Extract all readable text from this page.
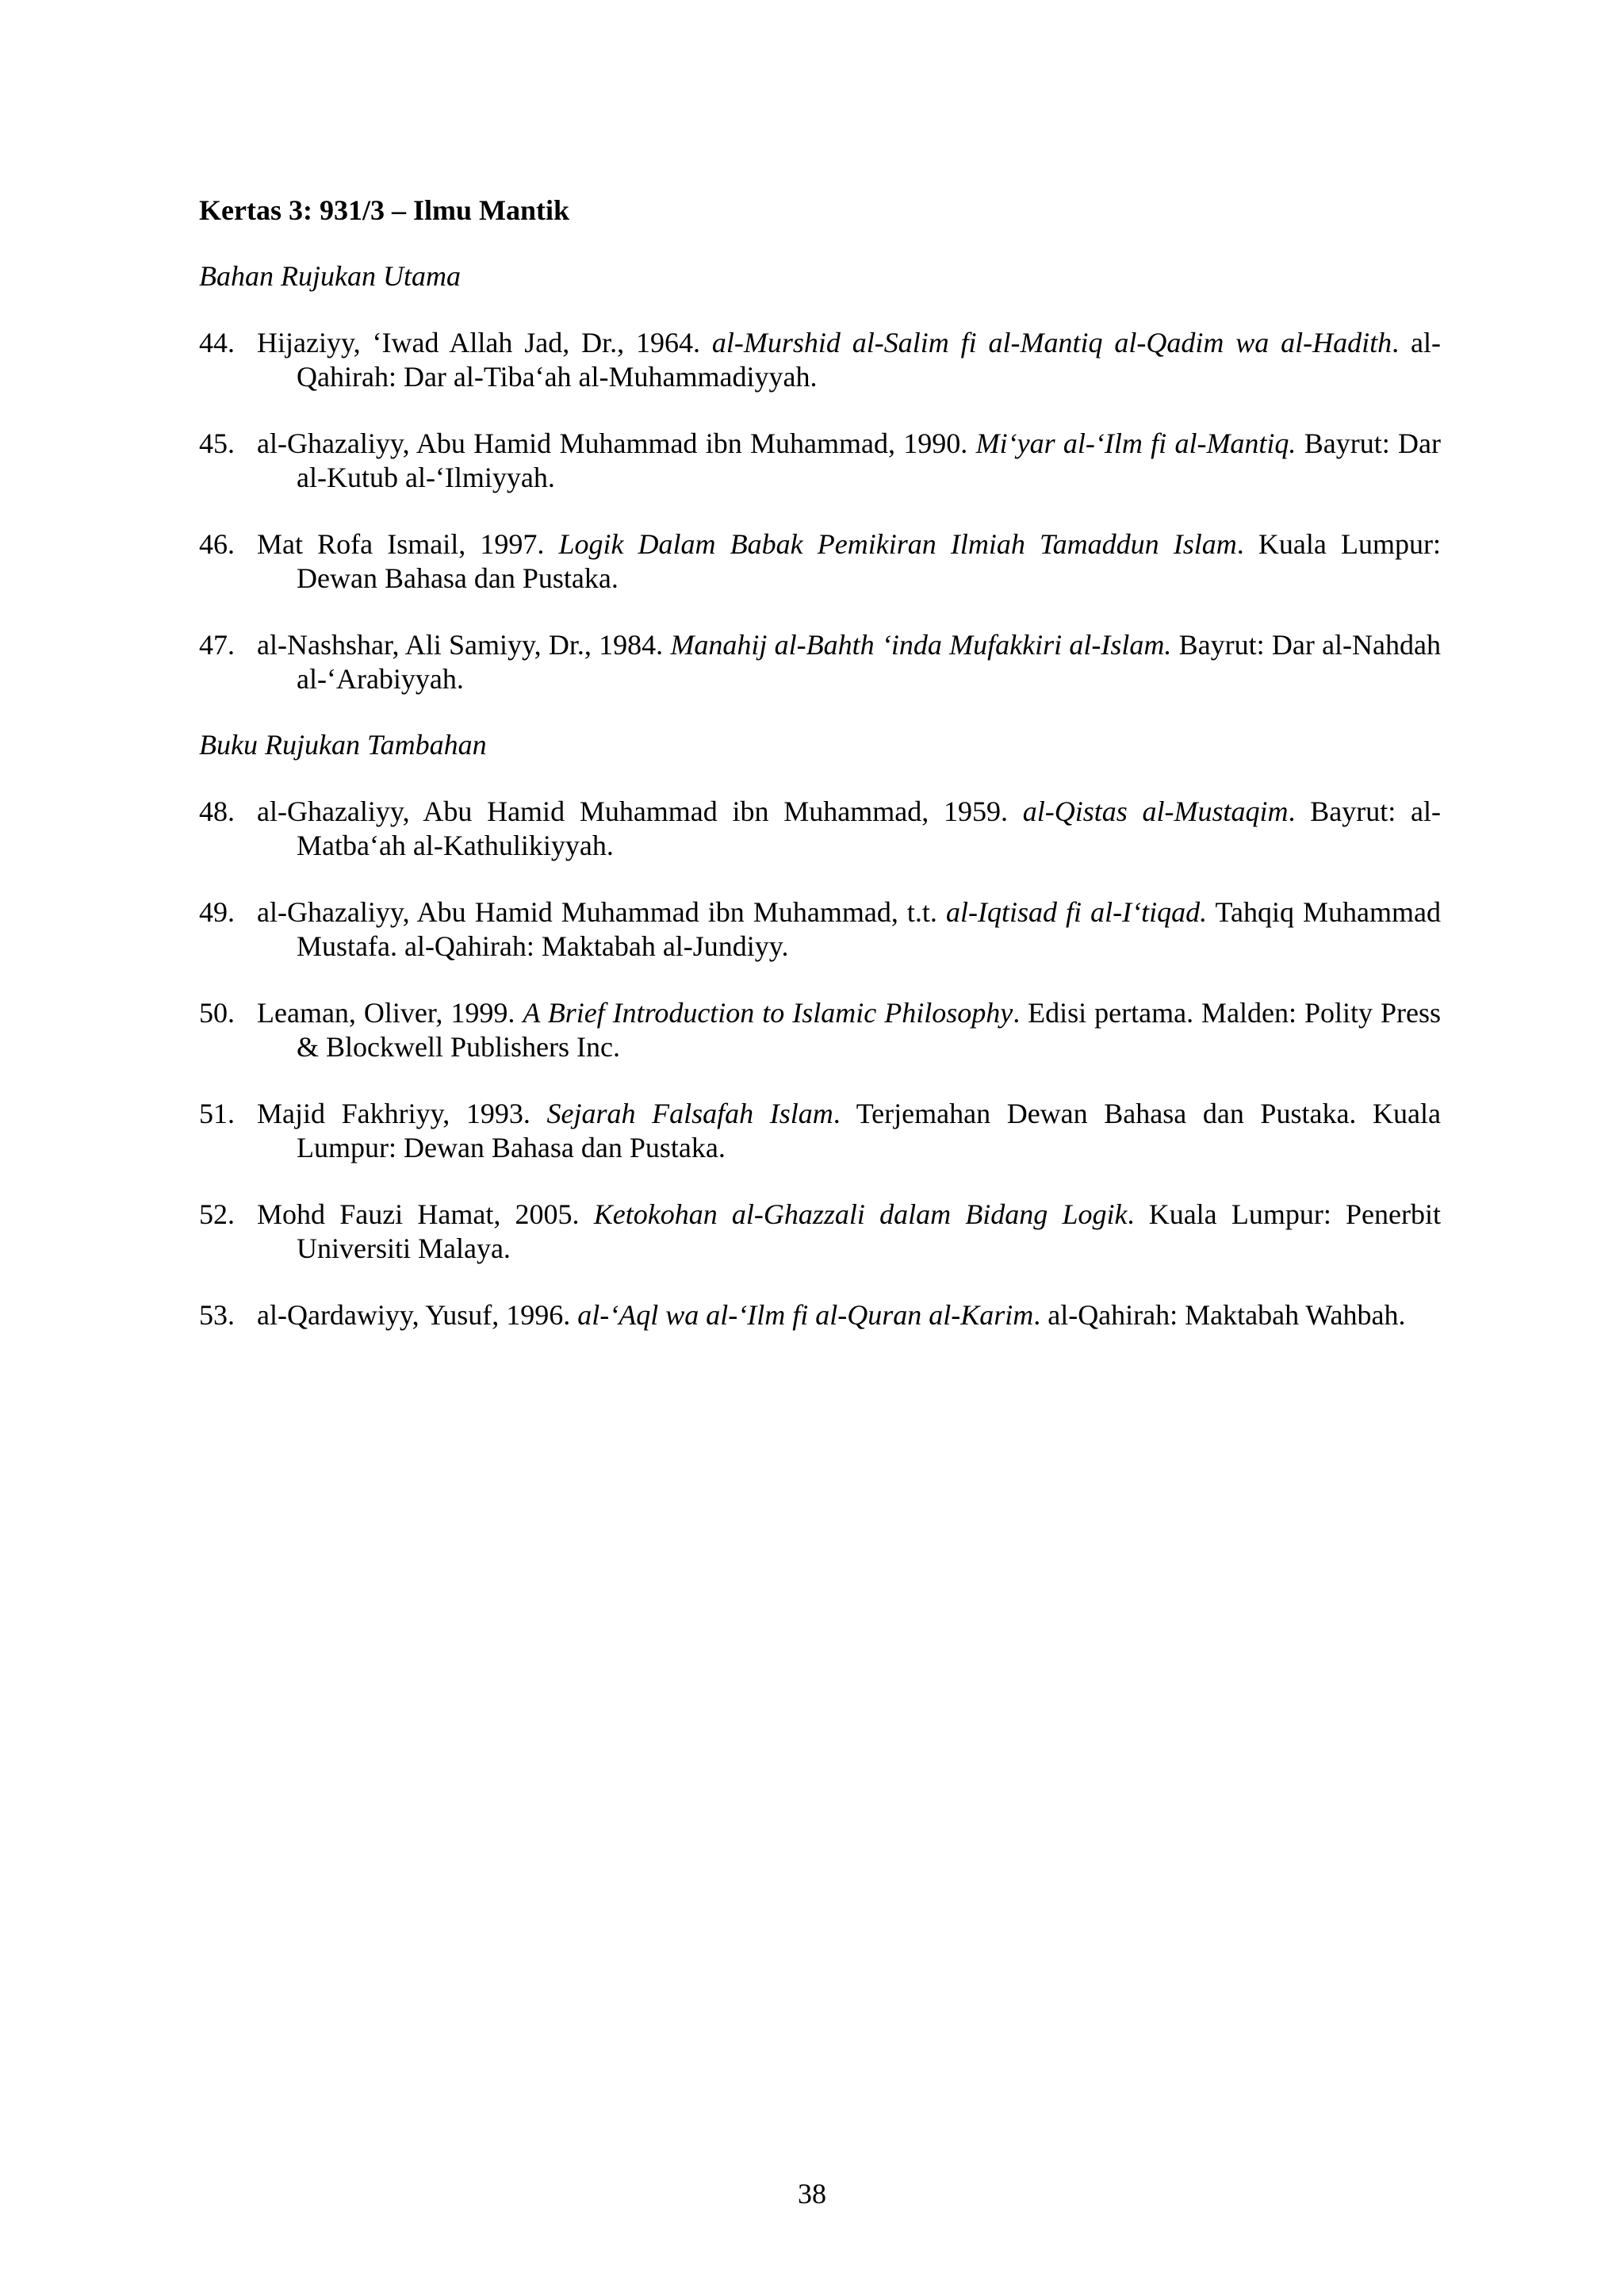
Kertas 3: 931/3 – Ilmu Mantik
Bahan Rujukan Utama
44. Hijaziyy, ‘Iwad Allah Jad, Dr., 1964. al-Murshid al-Salim fi al-Mantiq al-Qadim wa al-Hadith. al-Qahirah: Dar al-Tiba‘ah al-Muhammadiyyah.
45. al-Ghazaliyy, Abu Hamid Muhammad ibn Muhammad, 1990. Mi‘yar al-‘Ilm fi al-Mantiq. Bayrut: Dar al-Kutub al-‘Ilmiyyah.
46. Mat Rofa Ismail, 1997. Logik Dalam Babak Pemikiran Ilmiah Tamaddun Islam. Kuala Lumpur: Dewan Bahasa dan Pustaka.
47. al-Nashshar, Ali Samiyy, Dr., 1984. Manahij al-Bahth ‘inda Mufakkiri al-Islam. Bayrut: Dar al-Nahdah al-‘Arabiyyah.
Buku Rujukan Tambahan
48. al-Ghazaliyy, Abu Hamid Muhammad ibn Muhammad, 1959. al-Qistas al-Mustaqim. Bayrut: al-Matba‘ah al-Kathulikiyyah.
49. al-Ghazaliyy, Abu Hamid Muhammad ibn Muhammad, t.t. al-Iqtisad fi al-I‘tiqad. Tahqiq Muhammad Mustafa. al-Qahirah: Maktabah al-Jundiyy.
50. Leaman, Oliver, 1999. A Brief Introduction to Islamic Philosophy. Edisi pertama. Malden: Polity Press & Blockwell Publishers Inc.
51. Majid Fakhriyy, 1993. Sejarah Falsafah Islam. Terjemahan Dewan Bahasa dan Pustaka. Kuala Lumpur: Dewan Bahasa dan Pustaka.
52. Mohd Fauzi Hamat, 2005. Ketokohan al-Ghazzali dalam Bidang Logik. Kuala Lumpur: Penerbit Universiti Malaya.
53. al-Qardawiyy, Yusuf, 1996. al-‘Aql wa al-‘Ilm fi al-Quran al-Karim. al-Qahirah: Maktabah Wahbah.
38
